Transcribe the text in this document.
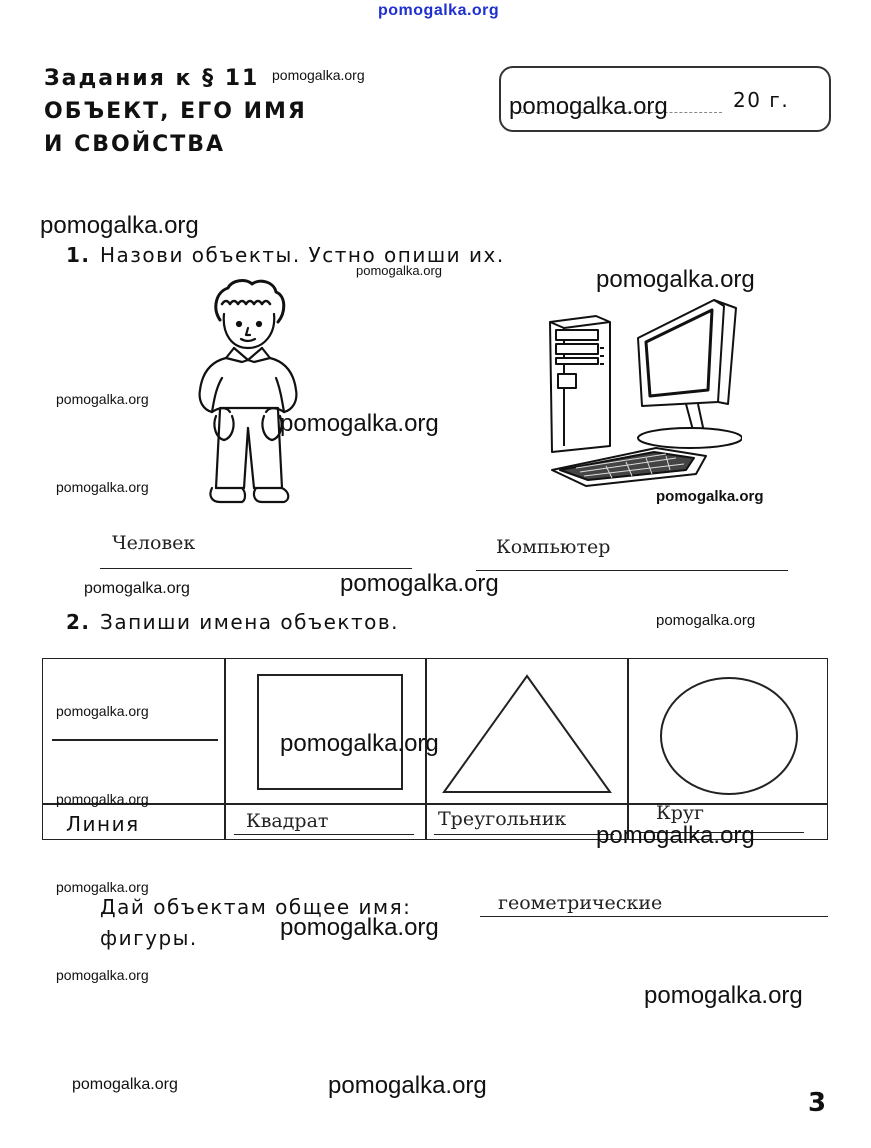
pomogalka.org
Задания к § 11
ОБЪЕКТ, ЕГО ИМЯ
И СВОЙСТВА
pomogalka.org
20 г.
pomogalka.org
pomogalka.org
1. Назови объекты. Устно опиши их.
pomogalka.org	pomogalka.org
pomogalka.org
pomogalka.org
pomogalka.org
pomogalka.org
Человек	Компьютер
pomogalka.org	pomogalka.org
2. Запиши имена объектов.	pomogalka.org
Линия	Квадрат	Треугольник	Круг
pomogalka.org
pomogalka.org
pomogalka.org
pomogalka.org
pomogalka.org
Дай объектам общее имя:	геометрические
фигуры.	pomogalka.org
pomogalka.org
pomogalka.org
pomogalka.org	pomogalka.org
3
